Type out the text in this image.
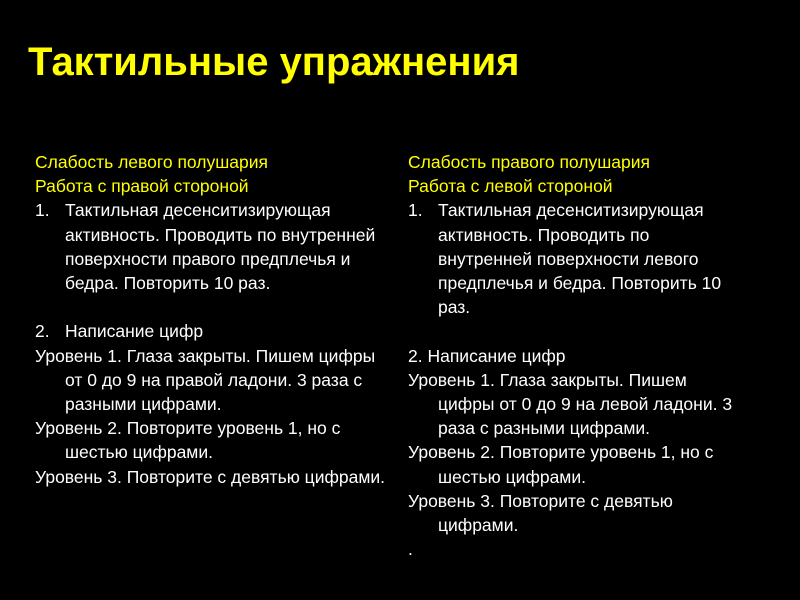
Тактильные упражнения
Слабость левого полушария
Работа с правой стороной
1. Тактильная десенситизирующая активность. Проводить по внутренней поверхности правого предплечья и бедра. Повторить 10 раз.
2. Написание цифр
Уровень 1. Глаза закрыты. Пишем цифры от 0 до 9 на правой ладони. 3 раза с разными цифрами.
Уровень 2. Повторите уровень 1, но с шестью цифрами.
Уровень 3. Повторите с девятью цифрами.
Слабость правого полушария
Работа с левой стороной
1. Тактильная десенситизирующая активность. Проводить по внутренней поверхности левого предплечья и бедра. Повторить 10 раз.
2. Написание цифр
Уровень 1. Глаза закрыты. Пишем цифры от 0 до 9 на левой ладони. 3 раза с разными цифрами.
Уровень 2. Повторите уровень 1, но с шестью цифрами.
Уровень 3. Повторите с девятью цифрами.
.
